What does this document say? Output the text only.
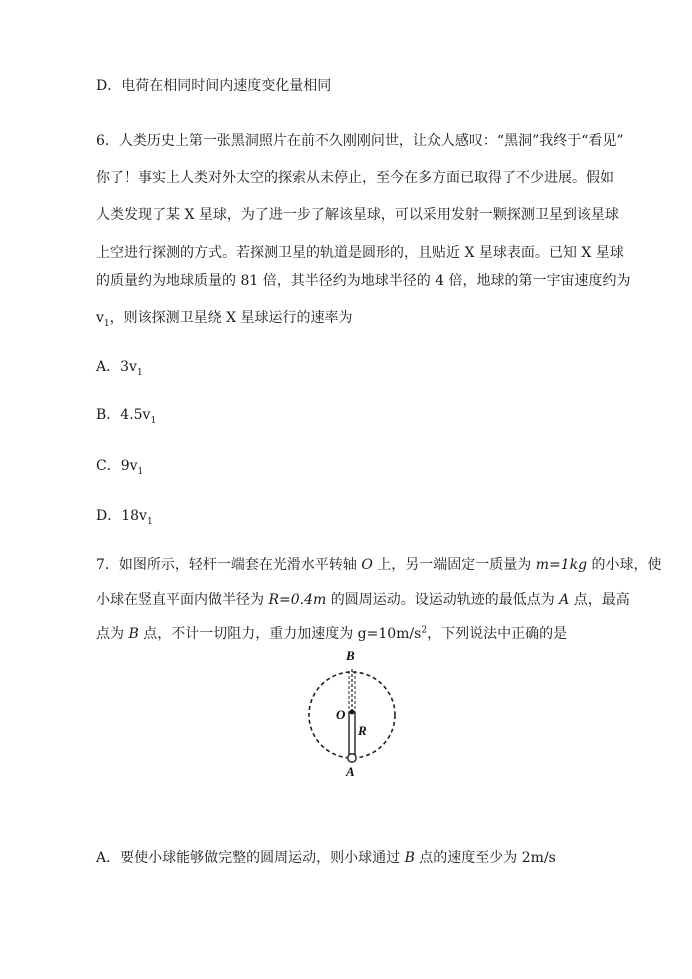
D．电荷在相同时间内速度变化量相同
6．人类历史上第一张黑洞照片在前不久刚刚问世，让众人感叹：“黑洞”我终于“看见”
你了！事实上人类对外太空的探索从未停止，至今在多方面已取得了不少进展。假如
人类发现了某 X 星球，为了进一步了解该星球，可以采用发射一颗探测卫星到该星球
上空进行探测的方式。若探测卫星的轨道是圆形的，且贴近 X 星球表面。已知 X 星球
的质量约为地球质量的 81 倍，其半径约为地球半径的 4 倍，地球的第一宇宙速度约为
$v_1$，则该探测卫星绕 X 星球运行的速率为
A．$3v_1$
B．$4.5v_1$
C．$9v_1$
D．$18v_1$
7．如图所示，轻杆一端套在光滑水平转轴 O 上，另一端固定一质量为 m=1kg 的小球，使
小球在竖直平面内做半径为 R=0.4m 的圆周运动。设运动轨迹的最低点为 A 点，最高
点为 B 点，不计一切阻力，重力加速度为 $g=10m/s^2$，下列说法中正确的是
B
O
R
A
A．要使小球能够做完整的圆周运动，则小球通过 B 点的速度至少为 2m/s
